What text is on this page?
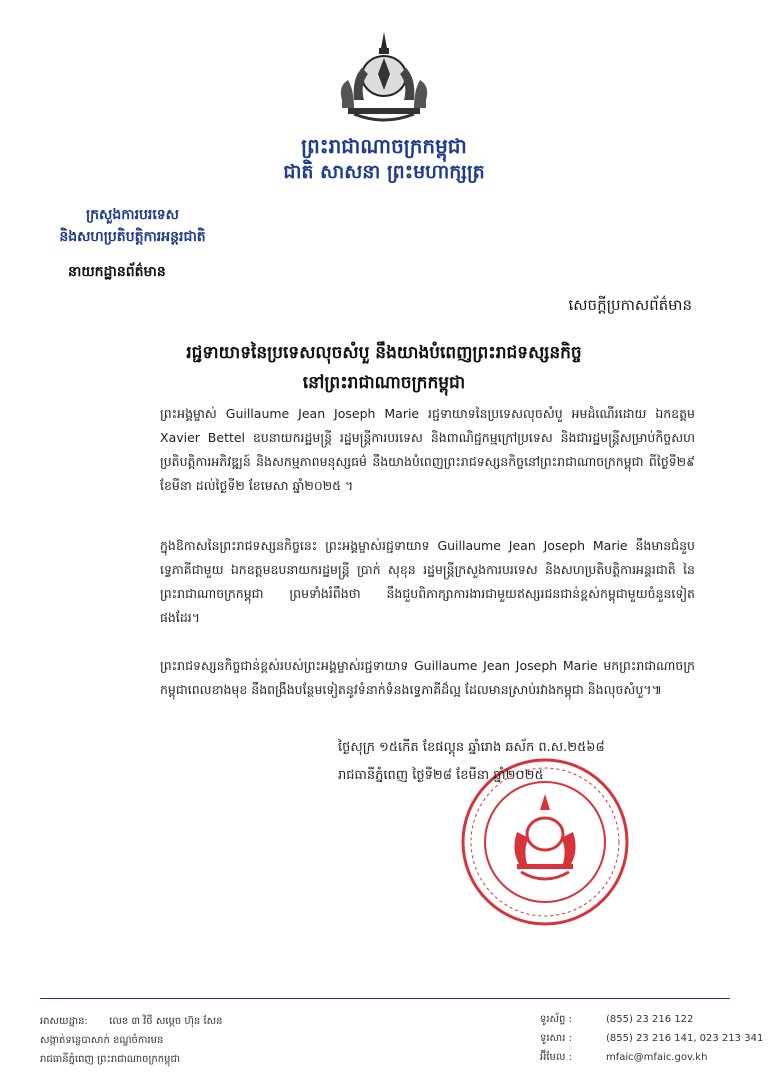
ព្រះរាជាណាចក្រកម្ពុជា
ជាតិ សាសនា ព្រះមហាក្សត្រ
ក្រសួងការបរទេស
និងសហប្រតិបត្តិការអន្តរជាតិ
នាយកដ្ឋានព័ត៌មាន
សេចក្តីប្រកាសព័ត៌មាន
រជ្ជទាយាទនៃប្រទេសលុចសំបួ នឹងយាងបំពេញព្រះរាជទស្សនកិច្ច
នៅព្រះរាជាណាចក្រកម្ពុជា
ព្រះអង្គម្ចាស់ Guillaume Jean Joseph Marie រជ្ជទាយាទនៃប្រទេសលុចសំបួ អមដំណើរដោយ ឯកឧត្តម Xavier Bettel ឧបនាយករដ្ឋមន្ត្រី រដ្ឋមន្ត្រីការបរទេស និងពាណិជ្ជកម្មក្រៅប្រទេស និងជារដ្ឋមន្ត្រីសម្រាប់កិច្ចសហប្រតិបត្តិការអភិវឌ្ឍន៍ និងសកម្មភាពមនុស្សធម៌ នឹងយាងបំពេញព្រះរាជទស្សនកិច្ចនៅព្រះរាជាណាចក្រកម្ពុជា ពីថ្ងៃទី២៩ ខែមីនា ដល់ថ្ងៃទី២ ខែមេសា ឆ្នាំ២០២៥ ។
ក្នុងឱកាសនៃព្រះរាជទស្សនកិច្ចនេះ ព្រះអង្គម្ចាស់រជ្ជទាយាទ Guillaume Jean Joseph Marie នឹងមានជំនួបទ្វេភាគីជាមួយ ឯកឧត្តមឧបនាយករដ្ឋមន្ត្រី ប្រាក់ សុខុន រដ្ឋមន្ត្រីក្រសួងការបរទេស និងសហប្រតិបត្តិការអន្តរជាតិ នៃព្រះរាជាណាចក្រកម្ពុជា ព្រមទាំងរំពឹងថា នឹងជួបពិភាក្សាការងារជាមួយឥស្សរជនជាន់ខ្ពស់កម្ពុជាមួយចំនួនទៀត ផងដែរ។
ព្រះរាជទស្សនកិច្ចជាន់ខ្ពស់របស់ព្រះអង្គម្ចាស់រជ្ជទាយាទ Guillaume Jean Joseph Marie មកព្រះរាជាណាចក្រកម្ពុជាពេលខាងមុខ នឹងពង្រឹងបន្ថែមទៀតនូវទំនាក់ទំនងទ្វេភាគីដ៏ល្អ ដែលមានស្រាប់រវាងកម្ពុជា និងលុចសំបួ។៕
ថ្ងៃសុក្រ ១៥កើត ខែផល្គុន ឆ្នាំរោង ឆស័ក ព.ស.២៥៦៨
រាជធានីភ្នំពេញ ថ្ងៃទី២៨ ខែមីនា ឆ្នាំ២០២៥
អាសយដ្ឋាន: លេខ ៣ វិថី សម្តេច ហ៊ុន សែន
សង្កាត់ទន្លេបាសាក់ ខណ្ឌចំការមន
រាជធានីភ្នំពេញ ព្រះរាជាណាចក្រកម្ពុជា
ទូរស័ព្ទ :	(855) 23 216 122
ទូរសារ :	(855) 23 216 141, 023 213 341
អ៊ីមែល :	mfaic@mfaic.gov.kh
